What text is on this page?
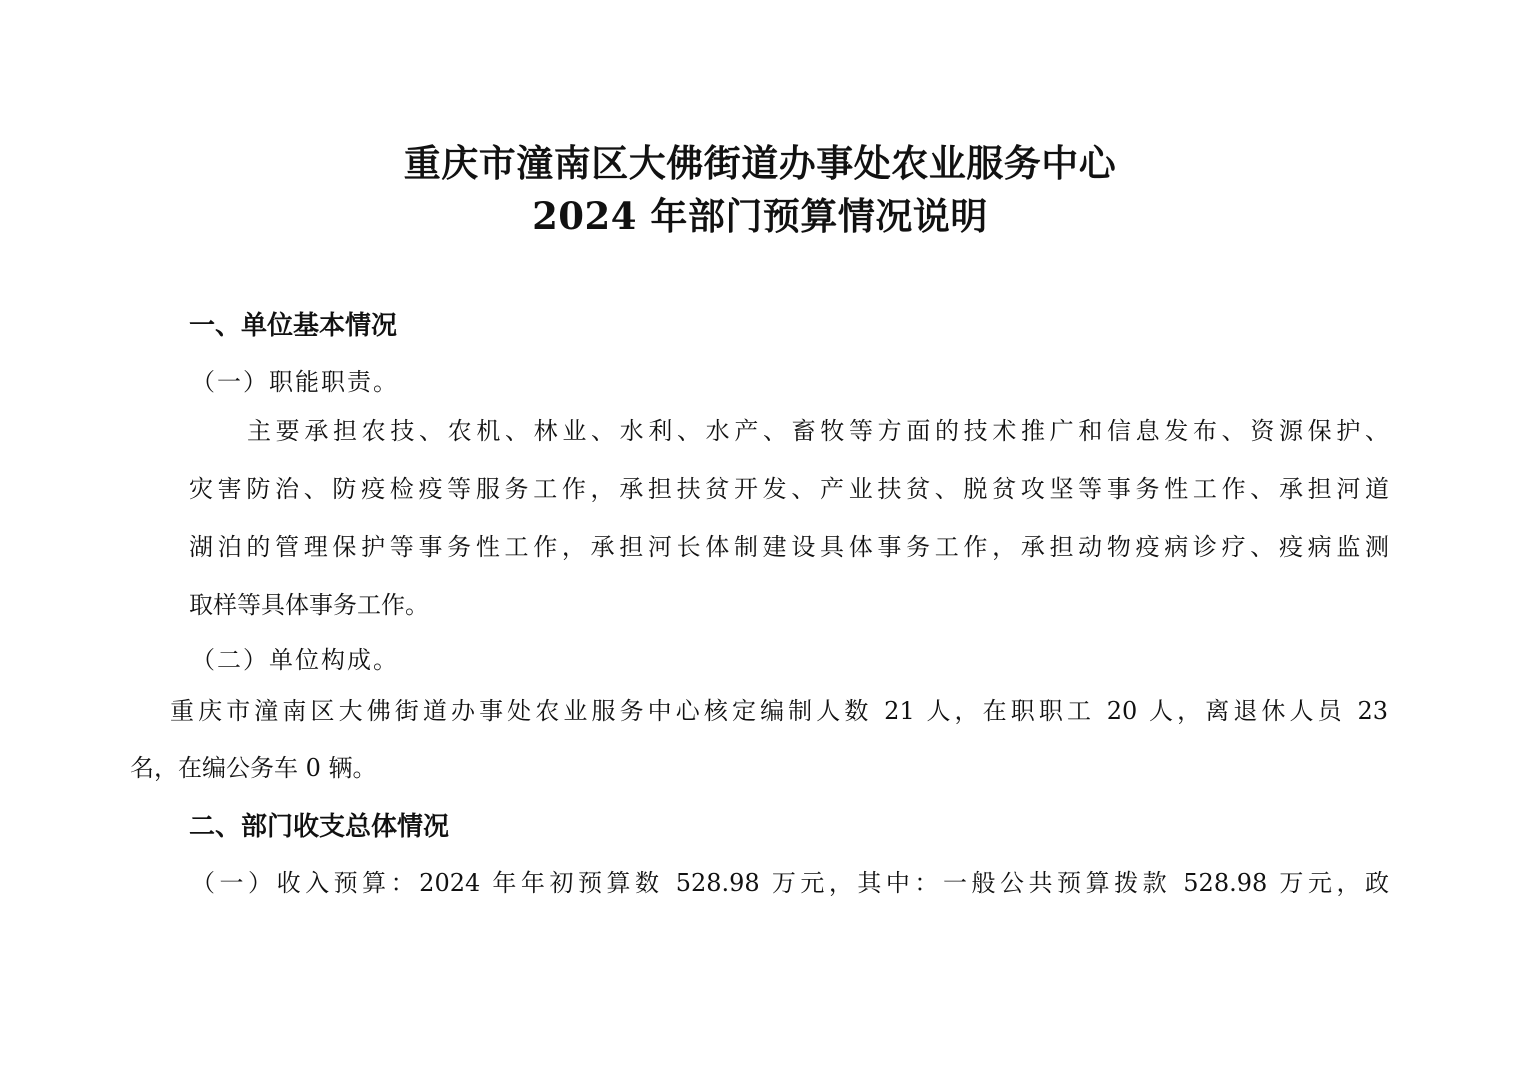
重庆市潼南区大佛街道办事处农业服务中心
2024 年部门预算情况说明
一、单位基本情况
（一）职能职责。
主要承担农技、农机、林业、水利、水产、畜牧等方面的技术推广和信息发布、资源保护、
灾害防治、防疫检疫等服务工作，承担扶贫开发、产业扶贫、脱贫攻坚等事务性工作、承担河道
湖泊的管理保护等事务性工作，承担河长体制建设具体事务工作，承担动物疫病诊疗、疫病监测
取样等具体事务工作。
（二）单位构成。
重庆市潼南区大佛街道办事处农业服务中心核定编制人数 21 人，在职职工 20 人，离退休人员 23
名，在编公务车 0 辆。
二、部门收支总体情况
（一）收入预算：2024 年年初预算数 528.98 万元，其中：一般公共预算拨款 528.98 万元，政
